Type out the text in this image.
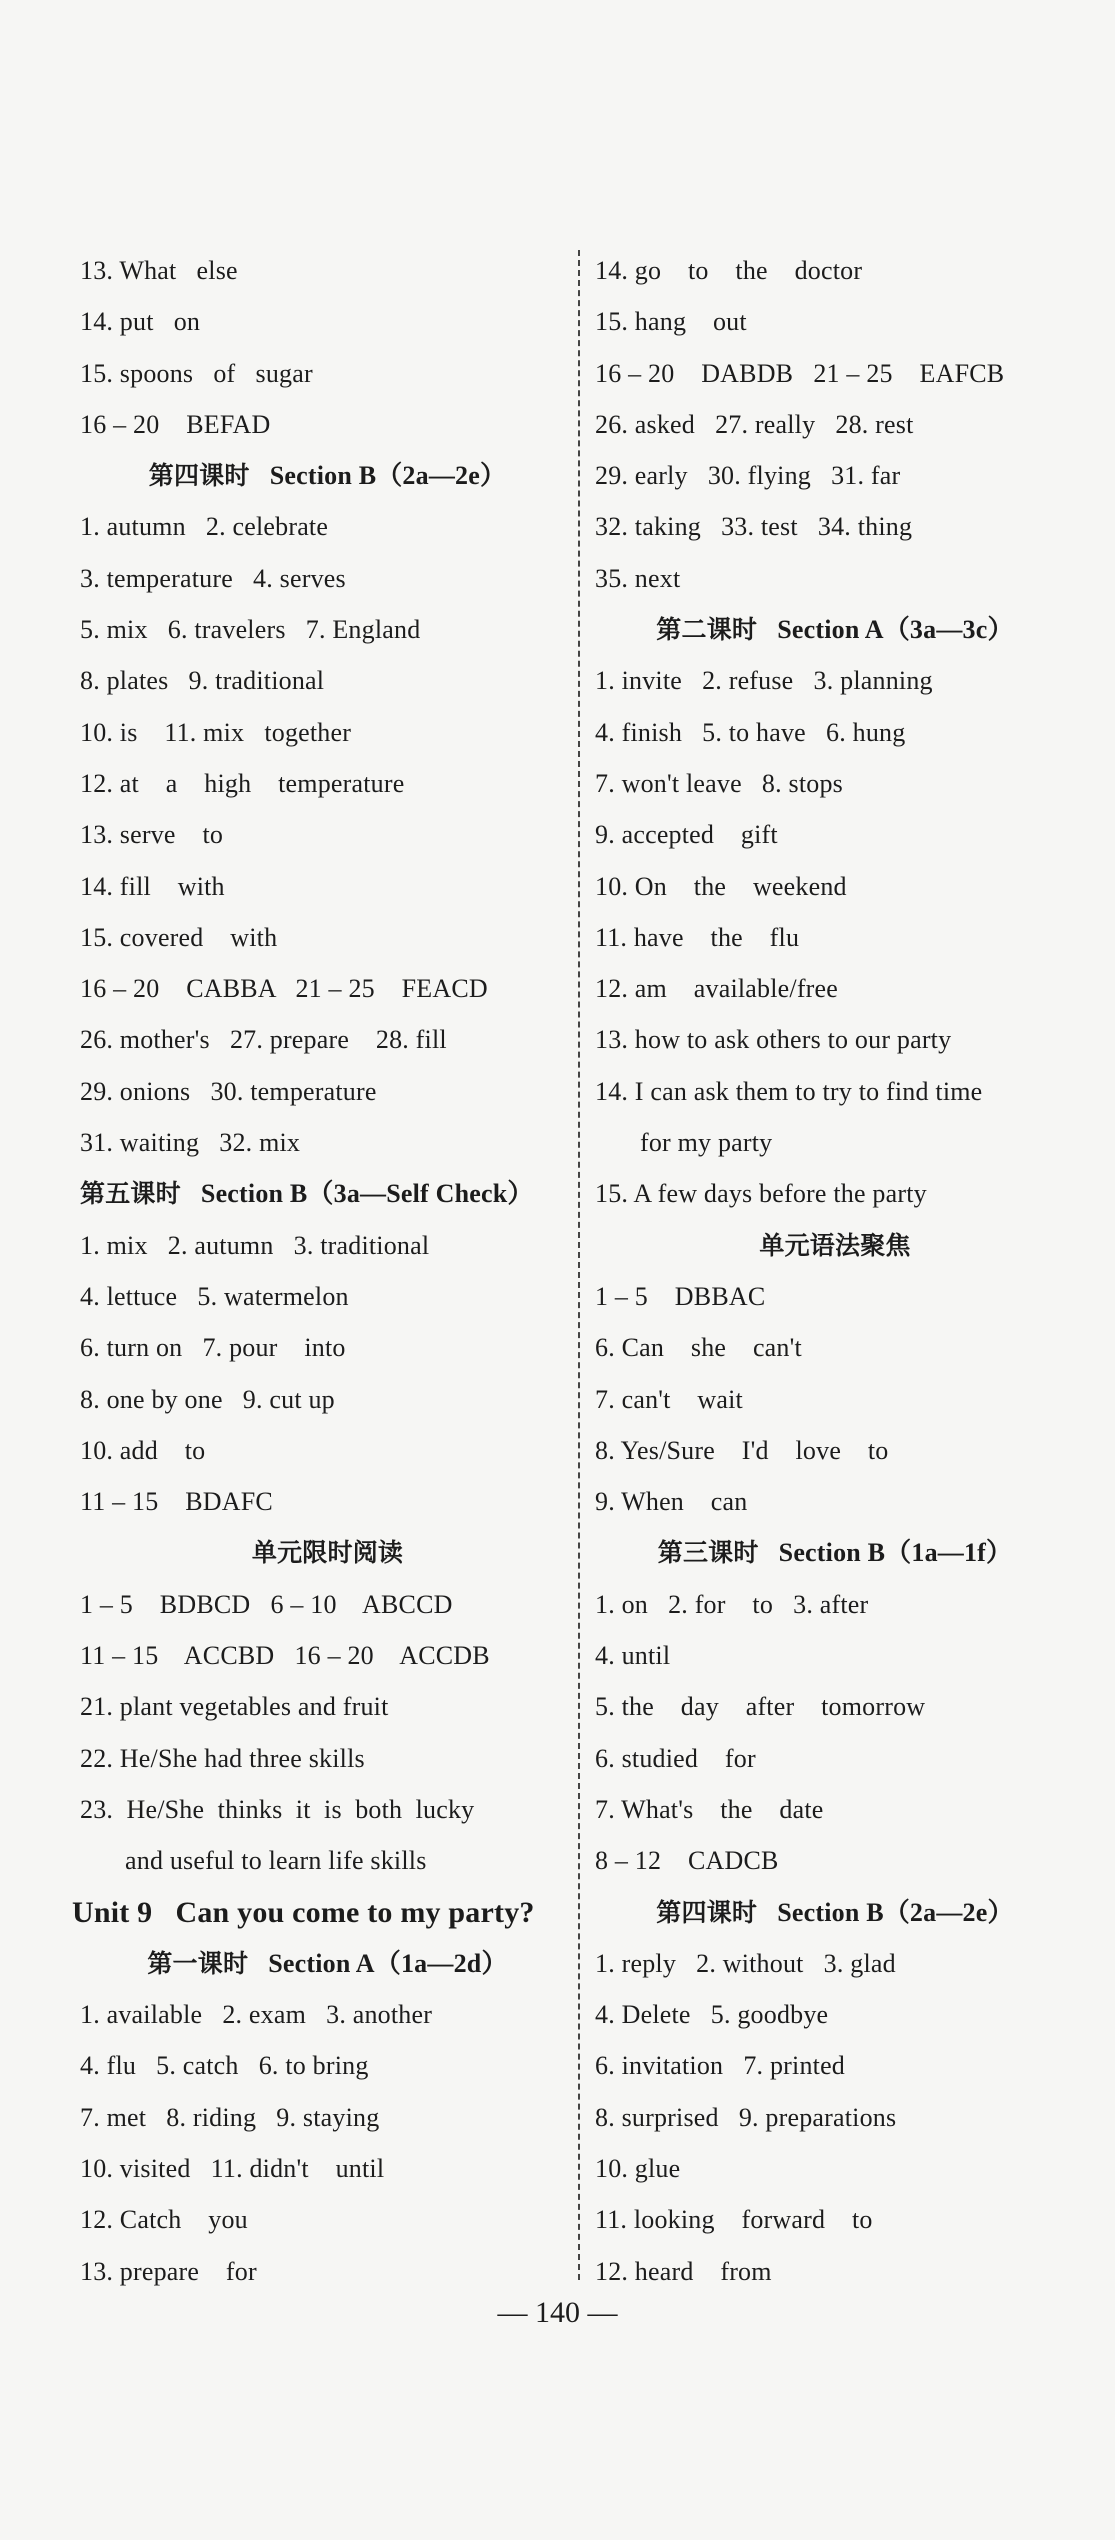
13. What   else
14. put   on
15. spoons   of   sugar
16 – 20    BEFAD
第四课时   Section B（2a—2e）
1. autumn   2. celebrate
3. temperature   4. serves
5. mix   6. travelers   7. England
8. plates   9. traditional
10. is    11. mix   together
12. at    a    high    temperature
13. serve    to
14. fill    with
15. covered    with
16 – 20    CABBA   21 – 25    FEACD
26. mother's   27. prepare    28. fill
29. onions   30. temperature
31. waiting   32. mix
第五课时   Section B（3a—Self Check）
1. mix   2. autumn   3. traditional
4. lettuce   5. watermelon
6. turn on   7. pour    into
8. one by one   9. cut up
10. add    to
11 – 15    BDAFC
单元限时阅读
1 – 5    BDBCD   6 – 10    ABCCD
11 – 15    ACCBD   16 – 20    ACCDB
21. plant vegetables and fruit
22. He/She had three skills
23.  He/She  thinks  it  is  both  lucky
and useful to learn life skills
Unit 9   Can you come to my party?
第一课时   Section A（1a—2d）
1. available   2. exam   3. another
4. flu   5. catch   6. to bring
7. met   8. riding   9. staying
10. visited   11. didn't    until
12. Catch    you
13. prepare    for
14. go    to    the    doctor
15. hang    out
16 – 20    DABDB   21 – 25    EAFCB
26. asked   27. really   28. rest
29. early   30. flying   31. far
32. taking   33. test   34. thing
35. next
第二课时   Section A（3a—3c）
1. invite   2. refuse   3. planning
4. finish   5. to have   6. hung
7. won't leave   8. stops
9. accepted    gift
10. On    the    weekend
11. have    the    flu
12. am    available/free
13. how to ask others to our party
14. I can ask them to try to find time
for my party
15. A few days before the party
单元语法聚焦
1 – 5    DBBAC
6. Can    she    can't
7. can't    wait
8. Yes/Sure    I'd    love    to
9. When    can
第三课时   Section B（1a—1f）
1. on   2. for    to   3. after
4. until
5. the    day    after    tomorrow
6. studied    for
7. What's    the    date
8 – 12    CADCB
第四课时   Section B（2a—2e）
1. reply   2. without   3. glad
4. Delete   5. goodbye
6. invitation   7. printed
8. surprised   9. preparations
10. glue
11. looking    forward    to
12. heard    from
— 140 —
